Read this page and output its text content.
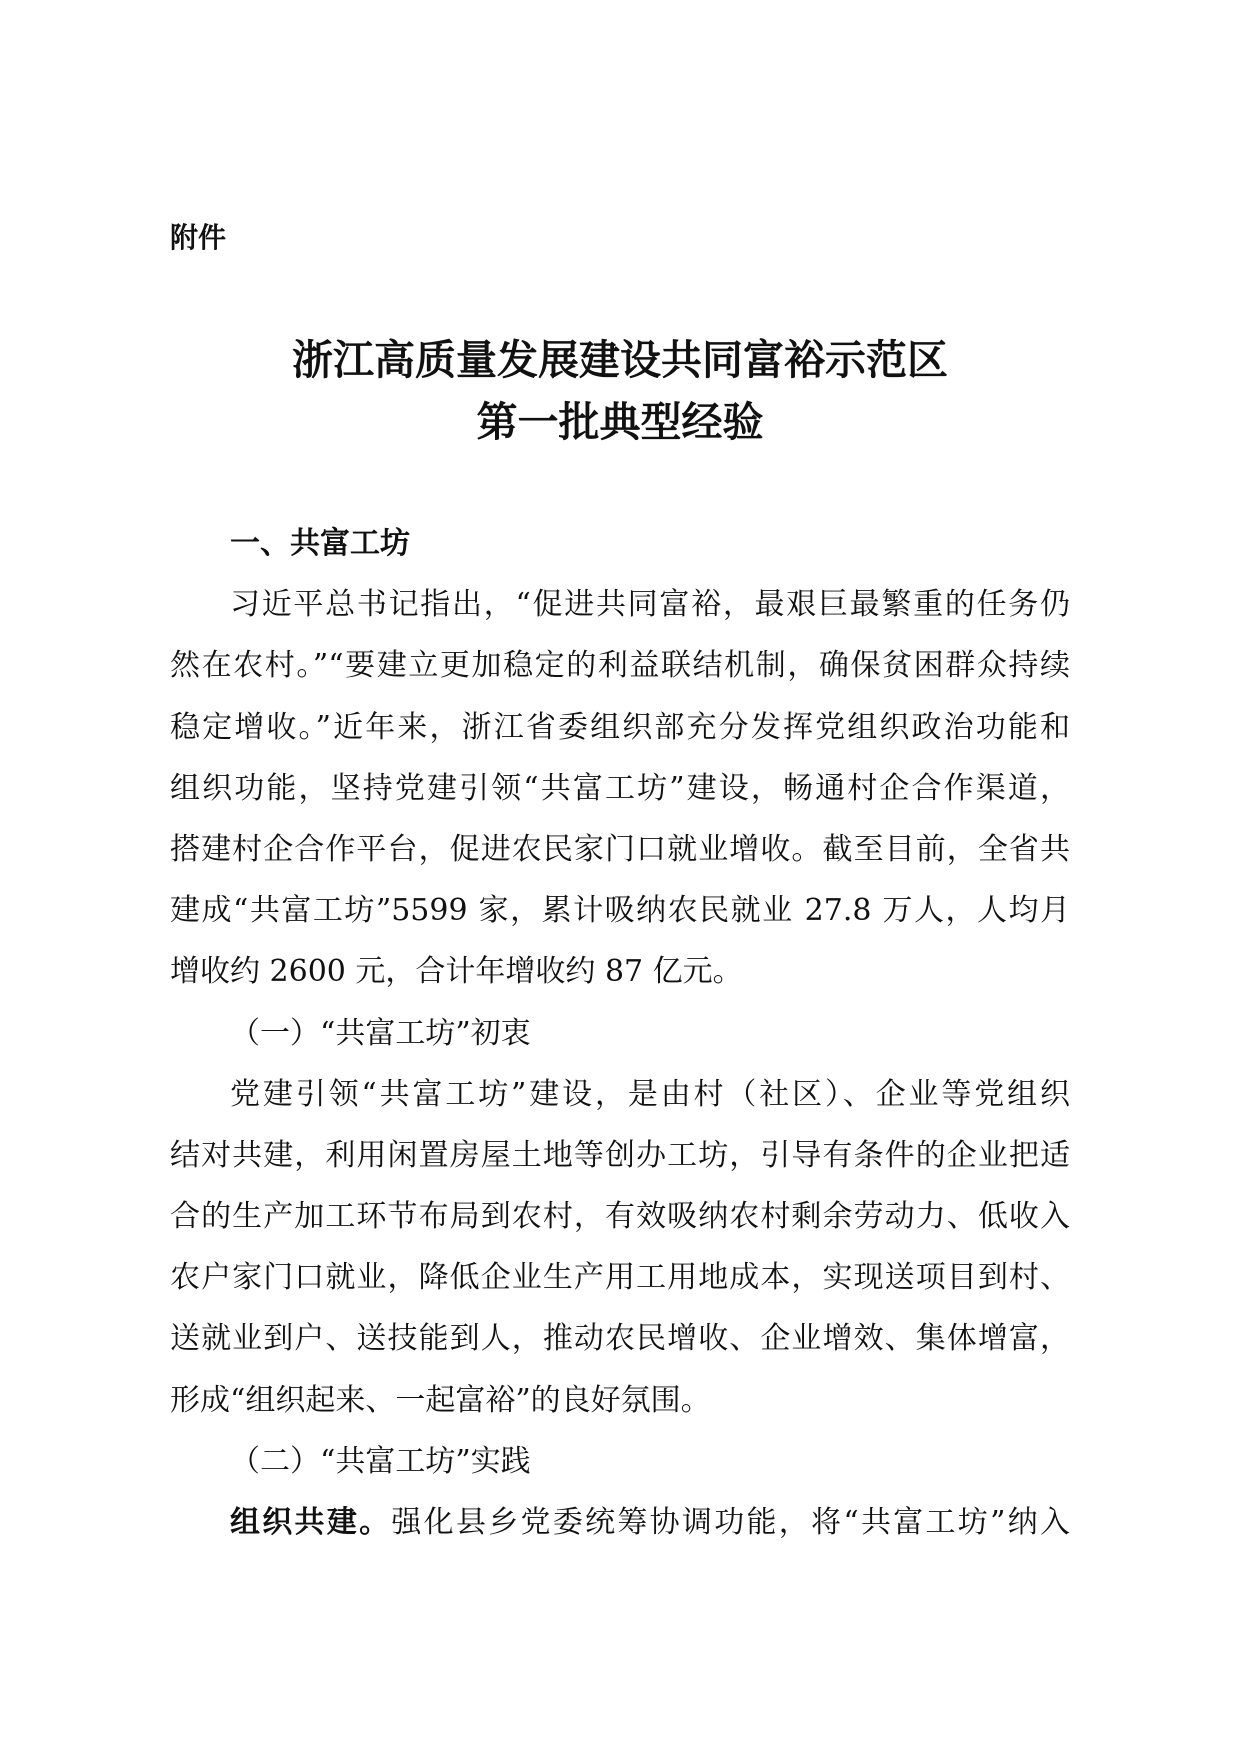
附件
浙江高质量发展建设共同富裕示范区
第一批典型经验
一、共富工坊
习近平总书记指出，“促进共同富裕，最艰巨最繁重的任务仍
然在农村。”“要建立更加稳定的利益联结机制，确保贫困群众持续
稳定增收。”近年来，浙江省委组织部充分发挥党组织政治功能和
组织功能，坚持党建引领“共富工坊”建设，畅通村企合作渠道，
搭建村企合作平台，促进农民家门口就业增收。截至目前，全省共
建成“共富工坊”5599 家，累计吸纳农民就业 27.8 万人，人均月
增收约 2600 元，合计年增收约 87 亿元。
（一）“共富工坊”初衷
党建引领“共富工坊”建设，是由村（社区）、企业等党组织
结对共建，利用闲置房屋土地等创办工坊，引导有条件的企业把适
合的生产加工环节布局到农村，有效吸纳农村剩余劳动力、低收入
农户家门口就业，降低企业生产用工用地成本，实现送项目到村、
送就业到户、送技能到人，推动农民增收、企业增效、集体增富，
形成“组织起来、一起富裕”的良好氛围。
（二）“共富工坊”实践
组织共建。强化县乡党委统筹协调功能，将“共富工坊”纳入
